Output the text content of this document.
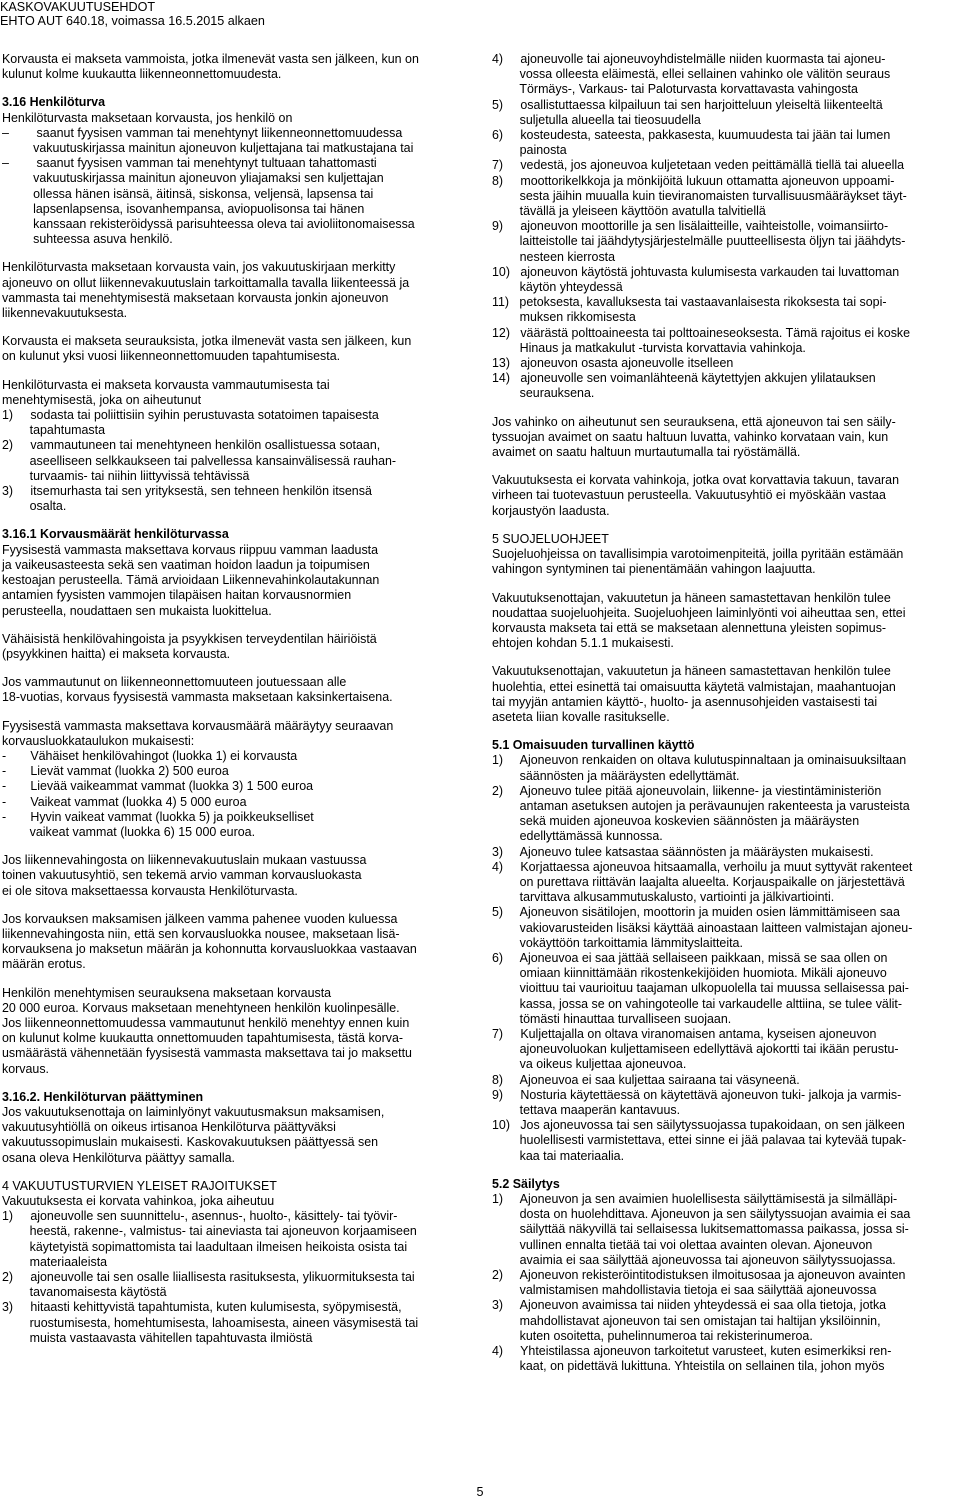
KASKOVAKUUTUSEHDOT
EHTO AUT 640.18, voimassa 16.5.2015 alkaen
Korvausta ei makseta vammoista, jotka ilmenevät vasta sen jälkeen, kun on
kulunut kolme kuukautta liikenneonnettomuudesta.
3.16 Henkilöturva
Henkilöturvasta maksetaan korvausta, jos henkilö on
–        saanut fyysisen vamman tai menehtynyt liikenneonnettomuudessa
vakuutuskirjassa mainitun ajoneuvon kuljettajana tai matkustajana tai
–        saanut fyysisen vamman tai menehtynyt tultuaan tahattomasti
vakuutuskirjassa mainitun ajoneuvon yliajamaksi sen kuljettajan
ollessa hänen isänsä, äitinsä, siskonsa, veljensä, lapsensa tai
lapsenlapsensa, isovanhempansa, aviopuolisonsa tai hänen
kanssaan rekisteröidyssä parisuhteessa oleva tai avioliitonomaisessa
suhteessa asuva henkilö.
Henkilöturvasta maksetaan korvausta vain, jos vakuutuskirjaan merkitty
ajoneuvo on ollut liikennevakuutuslain tarkoittamalla tavalla liikenteessä ja
vammasta tai menehtymisestä maksetaan korvausta jonkin ajoneuvon
liikennevakuutuksesta.
Korvausta ei makseta seurauksista, jotka ilmenevät vasta sen jälkeen, kun
on kulunut yksi vuosi liikenneonnettomuuden tapahtumisesta.
Henkilöturvasta ei makseta korvausta vammautumisesta tai
menehtymisestä, joka on aiheutunut
1)     sodasta tai poliittisiin syihin perustuvasta sotatoimen tapaisesta
tapahtumasta
2)     vammautuneen tai menehtyneen henkilön osallistuessa sotaan,
aseelliseen selkkaukseen tai palvellessa kansainvälisessä rauhan-
turvaamis- tai niihin liittyvissä tehtävissä
3)     itsemurhasta tai sen yrityksestä, sen tehneen henkilön itsensä
osalta.
3.16.1 Korvausmäärät henkilöturvassa
Fyysisestä vammasta maksettava korvaus riippuu vamman laadusta
ja vaikeusasteesta sekä sen vaatiman hoidon laadun ja toipumisen
kestoajan perusteella. Tämä arvioidaan Liikennevahinkolautakunnan
antamien fyysisten vammojen tilapäisen haitan korvausnormien
perusteella, noudattaen sen mukaista luokittelua.
Vähäisistä henkilövahingoista ja psyykkisen terveydentilan häiriöistä
(psyykkinen haitta) ei makseta korvausta.
Jos vammautunut on liikenneonnettomuuteen joutuessaan alle
18-vuotias, korvaus fyysisestä vammasta maksetaan kaksinkertaisena.
Fyysisestä vammasta maksettava korvausmäärä määräytyy seuraavan
korvausluokkataulukon mukaisesti:
-       Vähäiset henkilövahingot (luokka 1) ei korvausta
-       Lievät vammat (luokka 2) 500 euroa
-       Lievää vaikeammat vammat (luokka 3) 1 500 euroa
-       Vaikeat vammat (luokka 4) 5 000 euroa
-       Hyvin vaikeat vammat (luokka 5) ja poikkeukselliset
vaikeat vammat (luokka 6) 15 000 euroa.
Jos liikennevahingosta on liikennevakuutuslain mukaan vastuussa
toinen vakuutusyhtiö, sen tekemä arvio vamman korvausluokasta
ei ole sitova maksettaessa korvausta Henkilöturvasta.
Jos korvauksen maksamisen jälkeen vamma pahenee vuoden kuluessa
liikennevahingosta niin, että sen korvausluokka nousee, maksetaan lisä-
korvauksena jo maksetun määrän ja kohonnutta korvausluokkaa vastaavan
määrän erotus.
Henkilön menehtymisen seurauksena maksetaan korvausta
20 000 euroa. Korvaus maksetaan menehtyneen henkilön kuolinpesälle.
Jos liikenneonnettomuudessa vammautunut henkilö menehtyy ennen kuin
on kulunut kolme kuukautta onnettomuuden tapahtumisesta, tästä korva-
usmäärästä vähennetään fyysisestä vammasta maksettava tai jo maksettu
korvaus.
3.16.2. Henkilöturvan päättyminen
Jos vakuutuksenottaja on laiminlyönyt vakuutusmaksun maksamisen,
vakuutusyhtiöllä on oikeus irtisanoa Henkilöturva päättyväksi
vakuutussopimuslain mukaisesti. Kaskovakuutuksen päättyessä sen
osana oleva Henkilöturva päättyy samalla.
4 VAKUUTUSTURVIEN YLEISET RAJOITUKSET
Vakuutuksesta ei korvata vahinkoa, joka aiheutuu
1)     ajoneuvolle sen suunnittelu-, asennus-, huolto-, käsittely- tai työvir-
heestä, rakenne-, valmistus- tai aineviasta tai ajoneuvon korjaamiseen
käytetyistä sopimattomista tai laadultaan ilmeisen heikoista osista tai
materiaaleista
2)     ajoneuvolle tai sen osalle liiallisesta rasituksesta, ylikuormituksesta tai
tavanomaisesta käytöstä
3)     hitaasti kehittyvistä tapahtumista, kuten kulumisesta, syöpymisestä,
ruostumisesta, homehtumisesta, lahoamisesta, aineen väsymisestä tai
muista vastaavasta vähitellen tapahtuvasta ilmiöstä
4)     ajoneuvolle tai ajoneuvoyhdistelmälle niiden kuormasta tai ajoneu-
vossa olleesta eläimestä, ellei sellainen vahinko ole välitön seuraus
Törmäys-, Varkaus- tai Paloturvasta korvattavasta vahingosta
5)     osallistuttaessa kilpailuun tai sen harjoitteluun yleiseltä liikenteeltä
suljetulla alueella tai tieosuudella
6)     kosteudesta, sateesta, pakkasesta, kuumuudesta tai jään tai lumen
painosta
7)     vedestä, jos ajoneuvoa kuljetetaan veden peittämällä tiellä tai alueella
8)     moottorikelkkoja ja mönkijöitä lukuun ottamatta ajoneuvon uppoami-
sesta jäihin muualla kuin tieviranomaisten turvallisuusmääräykset täyt-
tävällä ja yleiseen käyttöön avatulla talvitiellä
9)     ajoneuvon moottorille ja sen lisälaitteille, vaihteistolle, voimansiirto-
laitteistolle tai jäähdytysjärjestelmälle puutteellisesta öljyn tai jäähdyts-
nesteen kierrosta
10)   ajoneuvon käytöstä johtuvasta kulumisesta varkauden tai luvattoman
käytön yhteydessä
11)   petoksesta, kavalluksesta tai vastaavanlaisesta rikoksesta tai sopi-
muksen rikkomisesta
12)   väärästä polttoaineesta tai polttoaineseoksesta. Tämä rajoitus ei koske
Hinaus ja matkakulut -turvista korvattavia vahinkoja.
13)   ajoneuvon osasta ajoneuvolle itselleen
14)   ajoneuvolle sen voimanlähteenä käytettyjen akkujen ylilatauksen
seurauksena.
Jos vahinko on aiheutunut sen seurauksena, että ajoneuvon tai sen säily-
tyssuojan avaimet on saatu haltuun luvatta, vahinko korvataan vain, kun
avaimet on saatu haltuun murtautumalla tai ryöstämällä.
Vakuutuksesta ei korvata vahinkoja, jotka ovat korvattavia takuun, tavaran
virheen tai tuotevastuun perusteella. Vakuutusyhtiö ei myöskään vastaa
korjaustyön laadusta.
5 SUOJELUOHJEET
Suojeluohjeissa on tavallisimpia varotoimenpiteitä, joilla pyritään estämään
vahingon syntyminen tai pienentämään vahingon laajuutta.
Vakuutuksenottajan, vakuutetun ja häneen samastettavan henkilön tulee
noudattaa suojeluohjeita. Suojeluohjeen laiminlyönti voi aiheuttaa sen, ettei
korvausta makseta tai että se maksetaan alennettuna yleisten sopimus-
ehtojen kohdan 5.1.1 mukaisesti.
Vakuutuksenottajan, vakuutetun ja häneen samastettavan henkilön tulee
huolehtia, ettei esinettä tai omaisuutta käytetä valmistajan, maahantuojan
tai myyjän antamien käyttö-, huolto- ja asennusohjeiden vastaisesti tai
aseteta liian kovalle rasitukselle.
5.1 Omaisuuden turvallinen käyttö
1)     Ajoneuvon renkaiden on oltava kulutuspinnaltaan ja ominaisuuksiltaan
säännösten ja määräysten edellyttämät.
2)     Ajoneuvo tulee pitää ajoneuvolain, liikenne- ja viestintäministeriön
antaman asetuksen autojen ja perävaunujen rakenteesta ja varusteista
sekä muiden ajoneuvoa koskevien säännösten ja määräysten
edellyttämässä kunnossa.
3)     Ajoneuvo tulee katsastaa säännösten ja määräysten mukaisesti.
4)     Korjattaessa ajoneuvoa hitsaamalla, verhoilu ja muut syttyvät rakenteet
on purettava riittävän laajalta alueelta. Korjauspaikalle on järjestettävä
tarvittava alkusammutuskalusto, vartiointi ja jälkivartiointi.
5)     Ajoneuvon sisätilojen, moottorin ja muiden osien lämmittämiseen saa
vakiovarusteiden lisäksi käyttää ainoastaan laitteen valmistajan ajoneu-
vokäyttöön tarkoittamia lämmityslaitteita.
6)     Ajoneuvoa ei saa jättää sellaiseen paikkaan, missä se saa ollen on
omiaan kiinnittämään rikostenkekijöiden huomiota. Mikäli ajoneuvo
vioittuu tai vaurioituu taajaman ulkopuolella tai muussa sellaisessa pai-
kassa, jossa se on vahingoteolle tai varkaudelle alttiina, se tulee välit-
tömästi hinauttaa turvalliseen suojaan.
7)     Kuljettajalla on oltava viranomaisen antama, kyseisen ajoneuvon
ajoneuvoluokan kuljettamiseen edellyttävä ajokortti tai ikään perustu-
va oikeus kuljettaa ajoneuvoa.
8)     Ajoneuvoa ei saa kuljettaa sairaana tai väsyneenä.
9)     Nosturia käytettäessä on käytettävä ajoneuvon tuki- jalkoja ja varmis-
tettava maaperän kantavuus.
10)   Jos ajoneuvossa tai sen säilytyssuojassa tupakoidaan, on sen jälkeen
huolellisesti varmistettava, ettei sinne ei jää palavaa tai kytevää tupak-
kaa tai materiaalia.
5.2 Säilytys
1)     Ajoneuvon ja sen avaimien huolellisesta säilyttämisestä ja silmälläpi-
dosta on huolehdittava. Ajoneuvon ja sen säilytyssuojan avaimia ei saa
säilyttää näkyvillä tai sellaisessa lukitsemattomassa paikassa, jossa si-
vullinen ennalta tietää tai voi olettaa avainten olevan. Ajoneuvon
avaimia ei saa säilyttää ajoneuvossa tai ajoneuvon säilytyssuojassa.
2)     Ajoneuvon rekisteröintitodistuksen ilmoitusosaa ja ajoneuvon avainten
valmistamisen mahdollistavia tietoja ei saa säilyttää ajoneuvossa
3)     Ajoneuvon avaimissa tai niiden yhteydessä ei saa olla tietoja, jotka
mahdollistavat ajoneuvon tai sen omistajan tai haltijan yksilöinnin,
kuten osoitetta, puhelinnumeroa tai rekisterinumeroa.
4)     Yhteistilassa ajoneuvon tarkoitetut varusteet, kuten esimerkiksi ren-
kaat, on pidettävä lukittuna. Yhteistila on sellainen tila, johon myös
5
